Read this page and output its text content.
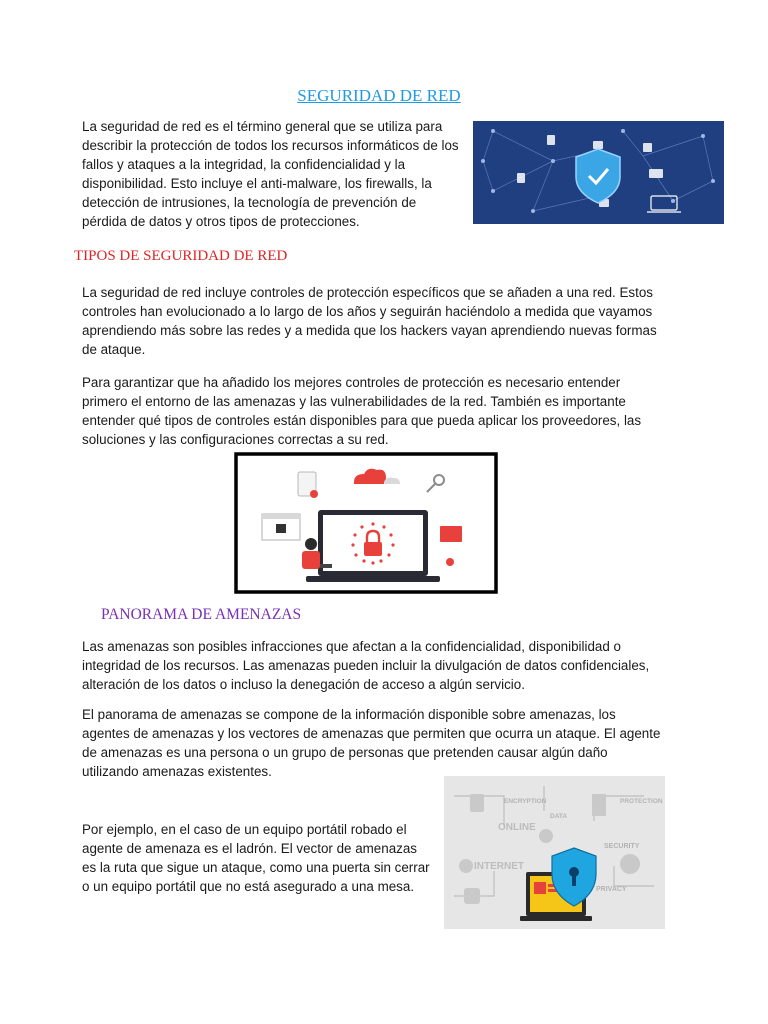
SEGURIDAD DE RED
La seguridad de red es el término general que se utiliza para describir la protección de todos los recursos informáticos de los fallos y ataques a la integridad, la confidencialidad y la disponibilidad. Esto incluye el anti-malware, los firewalls, la detección de intrusiones, la tecnología de prevención de pérdida de datos y otros tipos de protecciones.
TIPOS DE SEGURIDAD DE RED
La seguridad de red incluye controles de protección específicos que se añaden a una red. Estos controles han evolucionado a lo largo de los años y seguirán haciéndolo a medida que vayamos aprendiendo más sobre las redes y a medida que los hackers vayan aprendiendo nuevas formas de ataque.
Para garantizar que ha añadido los mejores controles de protección es necesario entender primero el entorno de las amenazas y las vulnerabilidades de la red. También es importante entender qué tipos de controles están disponibles para que pueda aplicar los proveedores, las soluciones y las configuraciones correctas a su red.
PANORAMA DE AMENAZAS
Las amenazas son posibles infracciones que afectan a la confidencialidad, disponibilidad o integridad de los recursos. Las amenazas pueden incluir la divulgación de datos confidenciales, alteración de los datos o incluso la denegación de acceso a algún servicio.
El panorama de amenazas se compone de la información disponible sobre amenazas, los agentes de amenazas y los vectores de amenazas que permiten que ocurra un ataque. El agente de amenazas es una persona o un grupo de personas que pretenden causar algún daño utilizando amenazas existentes.
Por ejemplo, en el caso de un equipo portátil robado el agente de amenaza es el ladrón. El vector de amenazas es la ruta que sigue un ataque, como una puerta sin cerrar o un equipo portátil que no está asegurado a una mesa.
ENCRYPTION	PROTECTION
ONLINE
DATA
SECURITY
INTERNET
PRIVACY
